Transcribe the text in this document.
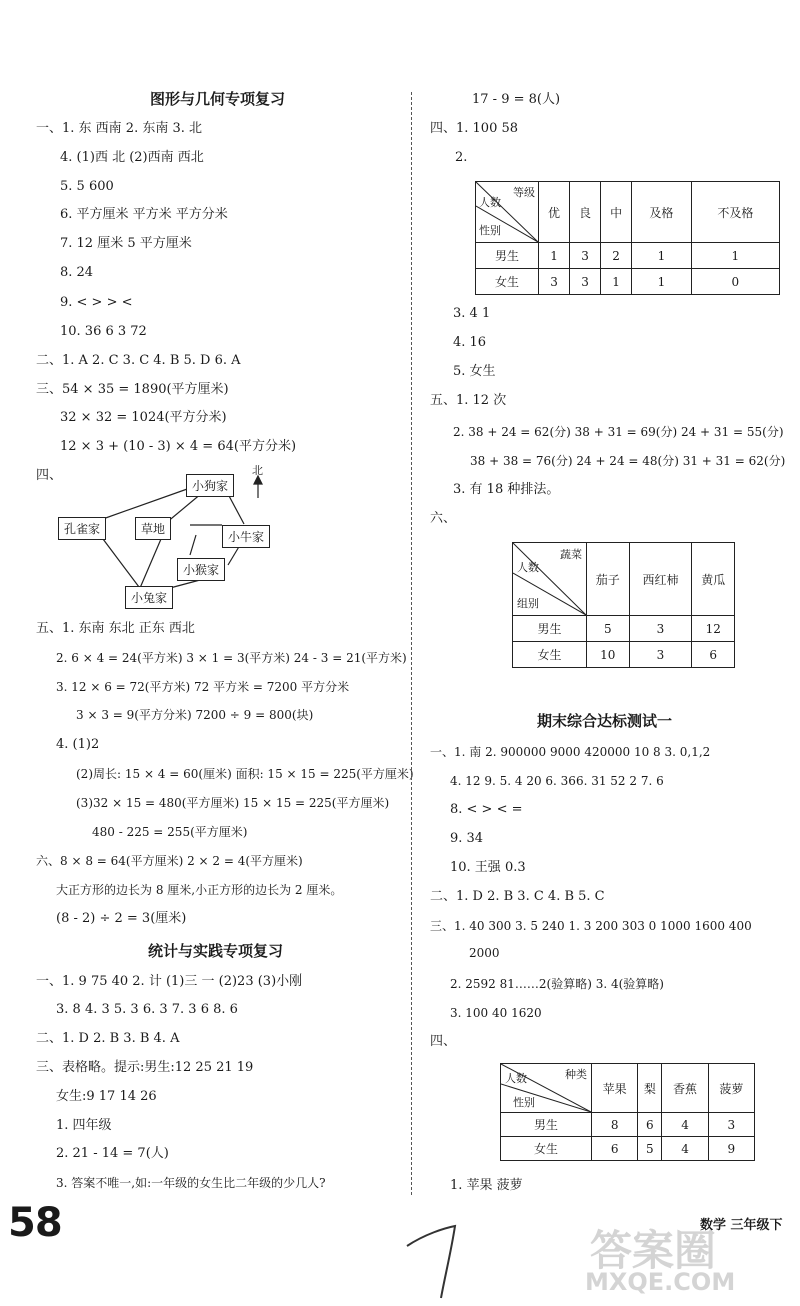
图形与几何专项复习
一、1. 东 西南 2. 东南 3. 北
4. (1)西 北 (2)西南 西北
5. 5 600
6. 平方厘米 平方米 平方分米
7. 12 厘米 5 平方厘米
8. 24
9. < > > <
10. 36 6 3 72
二、1. A 2. C 3. C 4. B 5. D 6. A
三、54 × 35 = 1890(平方厘米)
32 × 32 = 1024(平方分米)
12 × 3 + (10 - 3) × 4 = 64(平方分米)
四、
小狗家
孔雀家	草地
小牛家
小猴家
小兔家
北
五、1. 东南 东北 正东 西北
2. 6 × 4 = 24(平方米) 3 × 1 = 3(平方米) 24 - 3 = 21(平方米)
3. 12 × 6 = 72(平方米) 72 平方米 = 7200 平方分米
3 × 3 = 9(平方分米) 7200 ÷ 9 = 800(块)
4. (1)2
(2)周长: 15 × 4 = 60(厘米) 面积: 15 × 15 = 225(平方厘米)
(3)32 × 15 = 480(平方厘米) 15 × 15 = 225(平方厘米)
480 - 225 = 255(平方厘米)
六、8 × 8 = 64(平方厘米) 2 × 2 = 4(平方厘米)
大正方形的边长为 8 厘米,小正方形的边长为 2 厘米。
(8 - 2) ÷ 2 = 3(厘米)
统计与实践专项复习
一、1. 9 75 40 2. 计 (1)三 一 (2)23 (3)小刚
3. 8 4. 3 5. 3 6. 3 7. 3 6 8. 6
二、1. D 2. B 3. B 4. A
三、表格略。提示:男生:12 25 21 19
女生:9 17 14 26
1. 四年级
2. 21 - 14 = 7(人)
3. 答案不唯一,如:一年级的女生比二年级的少几人?
17 - 9 = 8(人)
四、1. 100 58
2.
等级
人数
性别	优	良	中	及格	不及格
男生	1	3	2	1	1
女生	3	3	1	1	0
3. 4 1
4. 16
5. 女生
五、1. 12 次
2. 38 + 24 = 62(分) 38 + 31 = 69(分) 24 + 31 = 55(分)
38 + 38 = 76(分) 24 + 24 = 48(分) 31 + 31 = 62(分)
3. 有 18 种排法。
六、
蔬菜
人数
组别	茄子	西红柿	黄瓜
男生	5	3	12
女生	10	3	6
期末综合达标测试一
一、1. 南 2. 900000 9000 420000 10 8 3. 0,1,2
4. 12 9. 5. 4 20 6. 366. 31 52 2 7. 6
8. < > < =
9. 34
10. 王强 0.3
二、1. D 2. B 3. C 4. B 5. C
三、1. 40 300 3. 5 240 1. 3 200 303 0 1000 1600 400
2000
2. 2592 81……2(验算略) 3. 4(验算略)
3. 100 40 1620
四、
种类
人数
性别	苹果	梨	香蕉	菠萝
男生	8	6	4	3
女生	6	5	4	9
1. 苹果 菠萝
58	数学 三年级下
答案圈
MXQE.COM
